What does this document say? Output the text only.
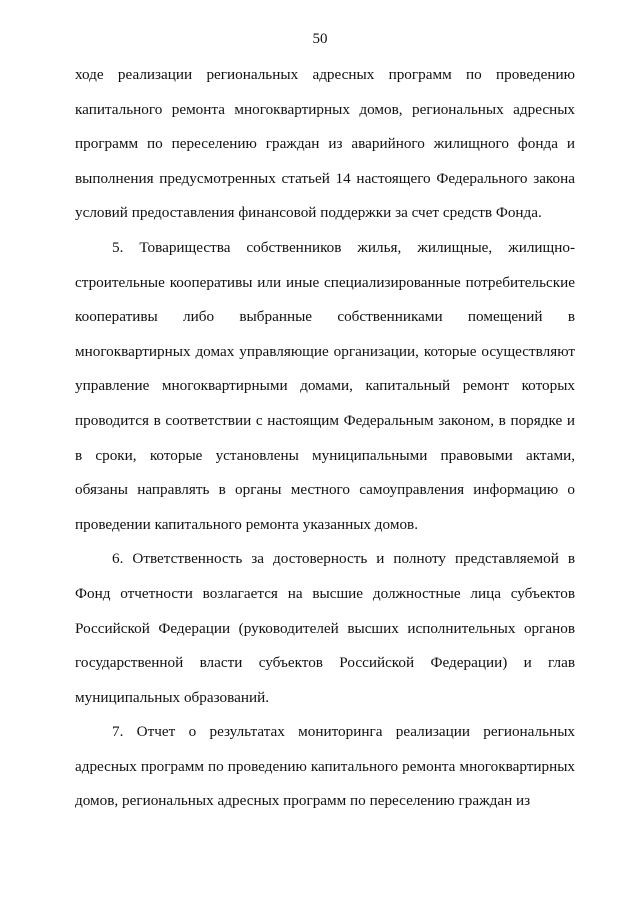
50

ходе реализации региональных адресных программ по проведению капитального ремонта многоквартирных домов, региональных адресных программ по переселению граждан из аварийного жилищного фонда и выполнения предусмотренных статьей 14 настоящего Федерального закона условий предоставления финансовой поддержки за счет средств Фонда.

5. Товарищества собственников жилья, жилищные, жилищно-строительные кооперативы или иные специализированные потребительские кооперативы либо выбранные собственниками помещений в многоквартирных домах управляющие организации, которые осуществляют управление многоквартирными домами, капитальный ремонт которых проводится в соответствии с настоящим Федеральным законом, в порядке и в сроки, которые установлены муниципальными правовыми актами, обязаны направлять в органы местного самоуправления информацию о проведении капитального ремонта указанных домов.

6. Ответственность за достоверность и полноту представляемой в Фонд отчетности возлагается на высшие должностные лица субъектов Российской Федерации (руководителей высших исполнительных органов государственной власти субъектов Российской Федерации) и глав муниципальных образований.

7. Отчет о результатах мониторинга реализации региональных адресных программ по проведению капитального ремонта многоквартирных домов, региональных адресных программ по переселению граждан из
